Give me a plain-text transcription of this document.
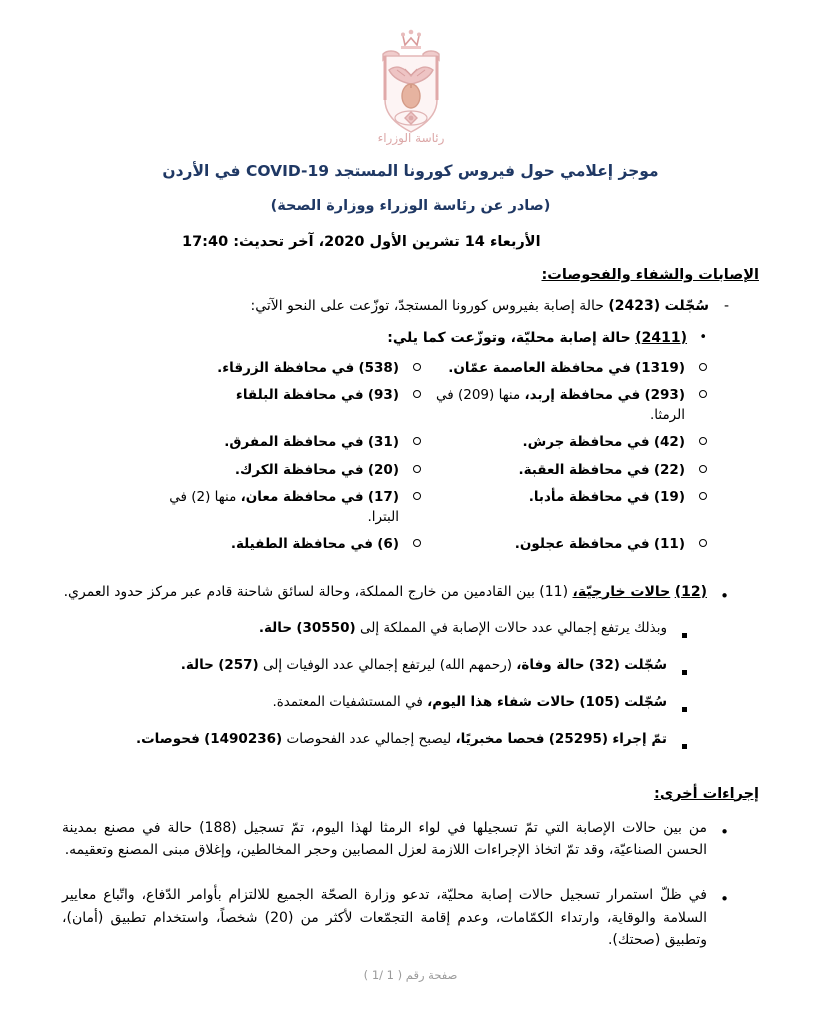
رئاسة الوزراء
موجز إعلامي حول فيروس كورونا المستجد COVID-19 في الأردن
(صادر عن رئاسة الوزراء ووزارة الصحة)
الأربعاء 14 تشرين الأول 2020، آخر تحديث: 17:40
الإصابات والشفاء والفحوصات:
-
سُجّلت (2423) حالة إصابة بفيروس كورونا المستجدّ، توزّعت على النحو الآتي:
•
(2411) حالة إصابة محليّة، وتوزّعت كما يلي:
(1319) في محافظة العاصمة عمّان.
(538) في محافظة الزرقاء.
(293) في محافظة إربد، منها (209) في الرمثا.
(93) في محافظة البلقاء
(42) في محافظة جرش.
(31) في محافظة المفرق.
(22) في محافظة العقبة.
(20) في محافظة الكرك.
(19) في محافظة مأدبا.
(17) في محافظة معان، منها (2) في البترا.
(11) في محافظة عجلون.
(6) في محافظة الطفيلة.
•
(12) حالات خارجيّة، (11) بين القادمين من خارج المملكة، وحالة لسائق شاحنة قادم عبر مركز حدود العمري.
وبذلك يرتفع إجمالي عدد حالات الإصابة في المملكة إلى (30550) حالة.
سُجّلت (32) حالة وفاة، (رحمهم الله) ليرتفع إجمالي عدد الوفيات إلى (257) حالة.
سُجّلت (105) حالات شفاء هذا اليوم، في المستشفيات المعتمدة.
تمّ إجراء (25295) فحصا مخبريًا، ليصبح إجمالي عدد الفحوصات (1490236) فحوصات.
إجراءات أخرى:
•
من بين حالات الإصابة التي تمّ تسجيلها في لواء الرمثا لهذا اليوم، تمّ تسجيل (188) حالة في مصنع بمدينة الحسن الصناعيّة، وقد تمّ اتخاذ الإجراءات اللازمة لعزل المصابين وحجر المخالطين، وإغلاق مبنى المصنع وتعقيمه.
•
في ظلّ استمرار تسجيل حالات إصابة محليّة، تدعو وزارة الصحّة الجميع للالتزام بأوامر الدّفاع، واتّباع معايير السلامة والوقاية، وارتداء الكمّامات، وعدم إقامة التجمّعات لأكثر من (20) شخصاً، واستخدام تطبيق (أمان)، وتطبيق (صحتك).
صفحة رقم ( 1 /1 )
